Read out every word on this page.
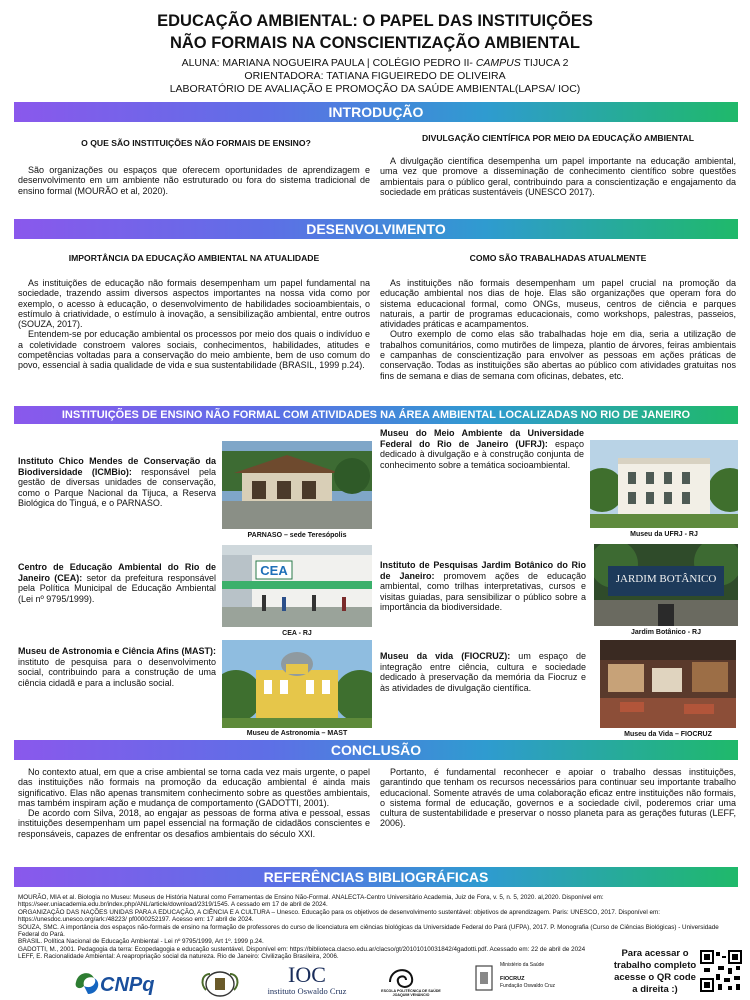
EDUCAÇÃO AMBIENTAL: O PAPEL DAS INSTITUIÇÕES
NÃO FORMAIS NA CONSCIENTIZAÇÃO AMBIENTAL
ALUNA: MARIANA NOGUEIRA PAULA | COLÉGIO PEDRO II- CAMPUS TIJUCA 2
ORIENTADORA: TATIANA FIGUEIREDO DE OLIVEIRA
LABORATÓRIO DE AVALIAÇÃO E PROMOÇÃO DA SAÚDE AMBIENTAL(LAPSA/ IOC)
INTRODUÇÃO
O QUE SÃO INSTITUIÇÕES NÃO FORMAIS DE ENSINO?

São organizações ou espaços que oferecem oportunidades de aprendizagem e desenvolvimento em um ambiente não estruturado ou fora do sistema tradicional de ensino formal (MOURÃO et al, 2020).

DIVULGAÇÃO CIENTÍFICA POR MEIO DA EDUCAÇÃO AMBIENTAL

A divulgação científica desempenha um papel importante na educação ambiental, uma vez que promove a disseminação de conhecimento científico sobre questões ambientais para o público geral, contribuindo para a conscientização e engajamento da sociedade em práticas sustentáveis (UNESCO 2017).

DESENVOLVIMENTO
IMPORTÂNCIA DA EDUCAÇÃO AMBIENTAL NA ATUALIDADE

As instituições de educação não formais desempenham um papel fundamental na sociedade, trazendo assim diversos aspectos importantes na nossa vida como por exemplo, o acesso à educação, o desenvolvimento de habilidades socioambientais, o estímulo à criatividade, o estímulo à inovação, a sensibilização ambiental, entre outros (SOUZA, 2017).

Entendem-se por educação ambiental os processos por meio dos quais o indivíduo e a coletividade constroem valores sociais, conhecimentos, habilidades, atitudes e competências voltadas para a conservação do meio ambiente, bem de uso comum do povo, essencial à sadia qualidade de vida e sua sustentabilidade (BRASIL, 1999 p.24).

COMO SÃO TRABALHADAS ATUALMENTE

As instituições não formais desempenham um papel crucial na promoção da educação ambiental nos dias de hoje. Elas são organizações que operam fora do sistema educacional formal, como ONGs, museus, centros de ciência e parques naturais, a partir de programas educacionais, como workshops, palestras, passeios, atividades práticas e acampamentos.

Outro exemplo de como elas são trabalhadas hoje em dia, seria a utilização de trabalhos comunitários, como mutirões de limpeza, plantio de árvores, feiras ambientais e campanhas de conscientização para envolver as pessoas em ações práticas de conservação. Todas as instituições são abertas ao público com atividades gratuitas nos fins de semana e dias de semana com oficinas, debates, etc.

INSTITUIÇÕES DE ENSINO NÃO FORMAL COM ATIVIDADES NA ÁREA AMBIENTAL LOCALIZADAS NO RIO DE JANEIRO
Instituto Chico Mendes de Conservação da Biodiversidade (ICMBio): responsável pela gestão de diversas unidades de conservação, como o Parque Nacional da Tijuca, a Reserva Biológica do Tinguá, e o PARNASO.
PARNASO – sede Teresópolis
Museu do Meio Ambiente da Universidade Federal do Rio de Janeiro (UFRJ): espaço dedicado à divulgação e à construção conjunta de conhecimento sobre a temática socioambiental.
Museu da UFRJ - RJ
Centro de Educação Ambiental do Rio de Janeiro (CEA): setor da prefeitura responsável pela Política Municipal de Educação Ambiental (Lei nº 9795/1999).
CEA
CEA - RJ
Instituto de Pesquisas Jardim Botânico do Rio de Janeiro: promovem ações de educação ambiental, como trilhas interpretativas, cursos e visitas guiadas, para sensibilizar o público sobre a importância da biodiversidade.
JARDIM BOTÂNICO
Jardim Botânico - RJ
Museu de Astronomia e Ciência Afins (MAST): instituto de pesquisa para o desenvolvimento social, contribuindo para a construção de uma ciência cidadã e para a inclusão social.
Museu de Astronomia – MAST
Museu da vida (FIOCRUZ): um espaço de integração entre ciência, cultura e sociedade dedicado à preservação da memória da Fiocruz e às atividades de divulgação científica.
Museu da Vida – FIOCRUZ
CONCLUSÃO

No contexto atual, em que a crise ambiental se torna cada vez mais urgente, o papel das instituições não formais na promoção da educação ambiental é ainda mais significativo. Elas não apenas transmitem conhecimento sobre as questões ambientais, mas também inspiram ação e mudança de comportamento (GADOTTI, 2001).

De acordo com Silva, 2018, ao engajar as pessoas de forma ativa e pessoal, essas instituições desempenham um papel essencial na formação de cidadãos conscientes e responsáveis, capazes de enfrentar os desafios ambientais do século XXI.

Portanto, é fundamental reconhecer e apoiar o trabalho dessas instituições, garantindo que tenham os recursos necessários para continuar seu importante trabalho educacional. Somente através de uma colaboração eficaz entre instituições não formais, o sistema formal de educação, governos e a sociedade civil, poderemos criar uma cultura de sustentabilidade e preservar o nosso planeta para as gerações futuras (LEFF, 2006).

REFERÊNCIAS BIBLIOGRÁFICAS
MOURÃO, MIA et al. Biologia no Museu: Museus de História Natural como Ferramentas de Ensino Não-Formal. ANALECTA-Centro Universitário Academia, Juiz de Fora, v. 5, n. 5, 2020. al,2020. Disponível em: https://seer.uniacademia.edu.br/index.php/ANL/article/download/2319/1545. A cessado em 17 de abril de 2024.
ORGANIZAÇÃO DAS NAÇÕES UNIDAS PARA A EDUCAÇÃO, A CIÊNCIA E A CULTURA – Unesco. Educação para os objetivos de desenvolvimento sustentável: objetivos de aprendizagem. Paris: UNESCO, 2017. Disponível em: https://unesdoc.unesco.org/ark:/48223/ pf0000252197. Acesso em: 17 abril de 2024.
SOUZA, SMC. A importância dos espaços não-formais de ensino na formação de professores do curso de licenciatura em ciências biológicas da Universidade Federal do Pará (UFPA), 2017. P. Monografia (Curso de Ciências Biológicas) - Universidade Federal do Pará.
BRASIL. Política Nacional de Educação Ambiental - Lei nº 9795/1999, Art 1º. 1999 p.24.
GADOTTI, M., 2001. Pedagogia da terra: Ecopedagogia e educação sustentável. Disponível em: https://biblioteca.clacso.edu.ar/clacso/gt/20101010031842/4gadotti.pdf. Acessado em: 22 de abril de 2024
LEFF, E. Racionalidade Ambiental: A reapropriação social da natureza. Rio de Janeiro: Civilização Brasileira, 2006.
CNPq	IOC
instituto Oswaldo Cruz	ESCOLA POLITÉCNICA DE SAÚDE JOAQUIM VENÂNCIO
Ministério da Saúde
FIOCRUZ
Fundação Oswaldo Cruz
Para acessar o trabalho completo acesse o QR code a direita :)
